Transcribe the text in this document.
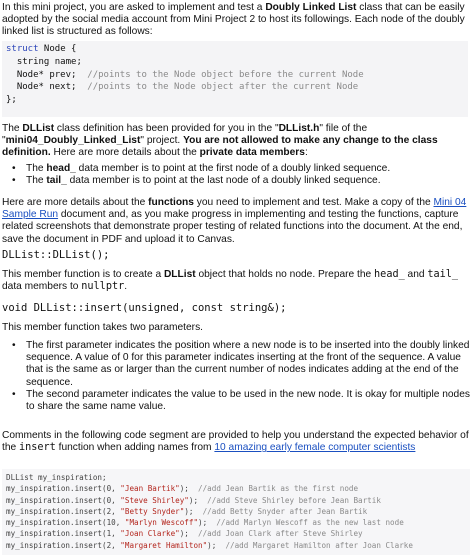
In this mini project, you are asked to implement and test a Doubly Linked List class that can be easily adopted by the social media account from Mini Project 2 to host its followings. Each node of the doubly linked list is structured as follows:

struct Node {
string name;
Node* prev;  //points to the Node object before the current Node
Node* next;  //points to the Node object after the current Node
};

The DLList class definition has been provided for you in the "DLList.h" file of the "mini04_Doubly_Linked_List" project. You are not allowed to make any change to the class definition. Here are more details about the private data members:

• The head_ data member is to point at the first node of a doubly linked sequence.
• The tail_ data member is to point at the last node of a doubly linked sequence.

Here are more details about the functions you need to implement and test. Make a copy of the Mini 04 Sample Run document and, as you make progress in implementing and testing the functions, capture related screenshots that demonstrate proper testing of related functions into the document. At the end, save the document in PDF and upload it to Canvas.

DLList::DLList();

This member function is to create a DLList object that holds no node. Prepare the head_ and tail_ data members to nullptr.

void DLList::insert(unsigned, const string&);

This member function takes two parameters.

• The first parameter indicates the position where a new node is to be inserted into the doubly linked sequence. A value of 0 for this parameter indicates inserting at the front of the sequence. A value that is the same as or larger than the current number of nodes indicates adding at the end of the sequence.
• The second parameter indicates the value to be used in the new node. It is okay for multiple nodes to share the same name value.

Comments in the following code segment are provided to help you understand the expected behavior of the insert function when adding names from 10 amazing early female computer scientists

DLList my_inspiration;
my_inspiration.insert(0, "Jean Bartik");  //add Jean Bartik as the first node
my_inspiration.insert(0, "Steve Shirley");  //add Steve Shirley before Jean Bartik
my_inspiration.insert(2, "Betty Snyder");  //add Betty Snyder after Jean Bartik
my_inspiration.insert(10, "Marlyn Wescoff");  //add Marlyn Wescoff as the new last node
my_inspiration.insert(1, "Joan Clarke");  //add Joan Clark after Steve Shirley
my_inspiration.insert(2, "Margaret Hamilton");  //add Margaret Hamilton after Joan Clarke
